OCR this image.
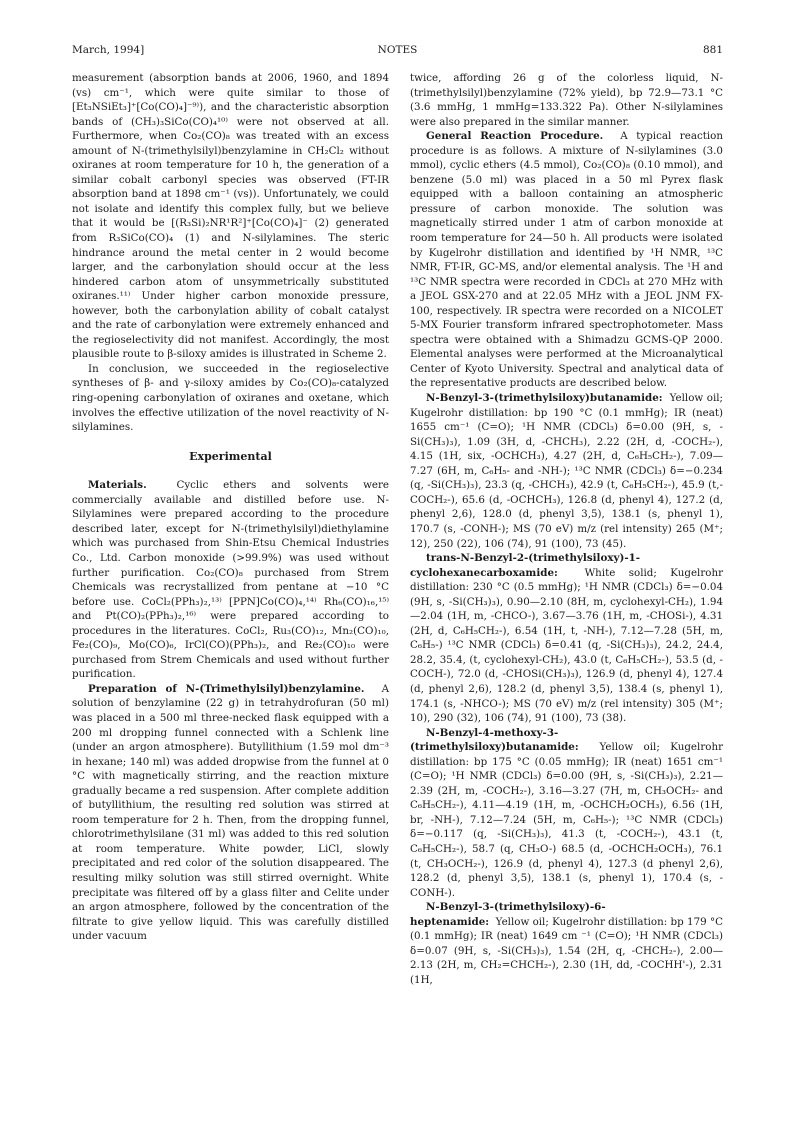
March, 1994]	NOTES	881

measurement (absorption bands at 2006, 1960, and 1894 (vs) cm⁻¹, which were quite similar to those of [Et₃NSiEt₃]⁺[Co(CO)₄]⁻⁹⁾), and the characteristic absorption bands of (CH₃)₃SiCo(CO)₄¹⁰⁾ were not observed at all. Furthermore, when Co₂(CO)₈ was treated with an excess amount of N-(trimethylsilyl)benzylamine in CH₂Cl₂ without oxiranes at room temperature for 10 h, the generation of a similar cobalt carbonyl species was observed (FT-IR absorption band at 1898 cm⁻¹ (vs)). Unfortunately, we could not isolate and identify this complex fully, but we believe that it would be [(R₃Si)₂NR¹R²]⁺[Co(CO)₄]⁻ (2) generated from R₃SiCo(CO)₄ (1) and N-silylamines. The steric hindrance around the metal center in 2 would become larger, and the carbonylation should occur at the less hindered carbon atom of unsymmetrically substituted oxiranes.¹¹⁾ Under higher carbon monoxide pressure, however, both the carbonylation ability of cobalt catalyst and the rate of carbonylation were extremely enhanced and the regioselectivity did not manifest. Accordingly, the most plausible route to β-siloxy amides is illustrated in Scheme 2.

In conclusion, we succeeded in the regioselective syntheses of β- and γ-siloxy amides by Co₂(CO)₈-catalyzed ring-opening carbonylation of oxiranes and oxetane, which involves the effective utilization of the novel reactivity of N-silylamines.

Experimental

Materials.	Cyclic ethers and solvents were commercially available and distilled before use. N-Silylamines were prepared according to the procedure described later, except for N-(trimethylsilyl)diethylamine which was purchased from Shin-Etsu Chemical Industries Co., Ltd. Carbon monoxide (>99.9%) was used without further purification. Co₂(CO)₈ purchased from Strem Chemicals was recrystallized from pentane at −10 °C before use. CoCl₂(PPh₃)₂,¹³⁾ [PPN]Co(CO)₄,¹⁴⁾ Rh₆(CO)₁₆,¹⁵⁾ and Pt(CO)₂(PPh₃)₂,¹⁶⁾ were prepared according to procedures in the literatures. CoCl₂, Ru₃(CO)₁₂, Mn₂(CO)₁₀, Fe₂(CO)₉, Mo(CO)₆, IrCl(CO)(PPh₃)₂, and Re₂(CO)₁₀ were purchased from Strem Chemicals and used without further purification.

Preparation of N-(Trimethylsilyl)benzylamine. A solution of benzylamine (22 g) in tetrahydrofuran (50 ml) was placed in a 500 ml three-necked flask equipped with a 200 ml dropping funnel connected with a Schlenk line (under an argon atmosphere). Butyllithium (1.59 mol dm⁻³ in hexane; 140 ml) was added dropwise from the funnel at 0 °C with magnetically stirring, and the reaction mixture gradually became a red suspension. After complete addition of butyllithium, the resulting red solution was stirred at room temperature for 2 h. Then, from the dropping funnel, chlorotrimethylsilane (31 ml) was added to this red solution at room temperature. White powder, LiCl, slowly precipitated and red color of the solution disappeared. The resulting milky solution was still stirred overnight. White precipitate was filtered off by a glass filter and Celite under an argon atmosphere, followed by the concentration of the filtrate to give yellow liquid. This was carefully distilled under vacuum

twice, affording 26 g of the colorless liquid, N-(trimethylsilyl)benzylamine (72% yield), bp 72.9—73.1 °C (3.6 mmHg, 1 mmHg=133.322 Pa). Other N-silylamines were also prepared in the similar manner.

General Reaction Procedure. A typical reaction procedure is as follows. A mixture of N-silylamines (3.0 mmol), cyclic ethers (4.5 mmol), Co₂(CO)₈ (0.10 mmol), and benzene (5.0 ml) was placed in a 50 ml Pyrex flask equipped with a balloon containing an atmospheric pressure of carbon monoxide. The solution was magnetically stirred under 1 atm of carbon monoxide at room temperature for 24—50 h. All products were isolated by Kugelrohr distillation and identified by ¹H NMR, ¹³C NMR, FT-IR, GC-MS, and/or elemental analysis. The ¹H and ¹³C NMR spectra were recorded in CDCl₃ at 270 MHz with a JEOL GSX-270 and at 22.05 MHz with a JEOL JNM FX-100, respectively. IR spectra were recorded on a NICOLET 5-MX Fourier transform infrared spectrophotometer. Mass spectra were obtained with a Shimadzu GCMS-QP 2000. Elemental analyses were performed at the Microanalytical Center of Kyoto University. Spectral and analytical data of the representative products are described below.

N-Benzyl-3-(trimethylsiloxy)butanamide: Yellow oil; Kugelrohr distillation: bp 190 °C (0.1 mmHg); IR (neat) 1655 cm⁻¹ (C=O); ¹H NMR (CDCl₃) δ=0.00 (9H, s, -Si(CH₃)₃), 1.09 (3H, d, -CHCH₃), 2.22 (2H, d, -COCH₂-), 4.15 (1H, six, -OCHCH₃), 4.27 (2H, d, C₆H₅CH₂-), 7.09—7.27 (6H, m, C₆H₅- and -NH-); ¹³C NMR (CDCl₃) δ=−0.234 (q, -Si(CH₃)₃), 23.3 (q, -CHCH₃), 42.9 (t, C₆H₅CH₂-), 45.9 (t,-COCH₂-), 65.6 (d, -OCHCH₃), 126.8 (d, phenyl 4), 127.2 (d, phenyl 2,6), 128.0 (d, phenyl 3,5), 138.1 (s, phenyl 1), 170.7 (s, -CONH-); MS (70 eV) m/z (rel intensity) 265 (M⁺; 12), 250 (22), 106 (74), 91 (100), 73 (45).

trans-N-Benzyl-2-(trimethylsiloxy)-1-cyclohexanecarboxamide:	White solid; Kugelrohr distillation: 230 °C (0.5 mmHg); ¹H NMR (CDCl₃) δ=−0.04 (9H, s, -Si(CH₃)₃), 0.90—2.10 (8H, m, cyclohexyl-CH₂), 1.94—2.04 (1H, m, -CHCO-), 3.67—3.76 (1H, m, -CHOSi-), 4.31 (2H, d, C₆H₅CH₂-), 6.54 (1H, t, -NH-), 7.12—7.28 (5H, m, C₆H₅-) ¹³C NMR (CDCl₃) δ=0.41 (q, -Si(CH₃)₃), 24.2, 24.4, 28.2, 35.4, (t, cyclohexyl-CH₂), 43.0 (t, C₆H₅CH₂-), 53.5 (d, -COCH-), 72.0 (d, -CHOSi(CH₃)₃), 126.9 (d, phenyl 4), 127.4 (d, phenyl 2,6), 128.2 (d, phenyl 3,5), 138.4 (s, phenyl 1), 174.1 (s, -NHCO-); MS (70 eV) m/z (rel intensity) 305 (M⁺; 10), 290 (32), 106 (74), 91 (100), 73 (38).

N-Benzyl-4-methoxy-3-(trimethylsiloxy)butanamide: Yellow oil; Kugelrohr distillation: bp 175 °C (0.05 mmHg); IR (neat) 1651 cm⁻¹ (C=O); ¹H NMR (CDCl₃) δ=0.00 (9H, s, -Si(CH₃)₃), 2.21—2.39 (2H, m, -COCH₂-), 3.16—3.27 (7H, m, CH₃OCH₂- and C₆H₅CH₂-), 4.11—4.19 (1H, m, -OCHCH₂OCH₃), 6.56 (1H, br, -NH-), 7.12—7.24 (5H, m, C₆H₅-); ¹³C NMR (CDCl₃) δ=−0.117 (q, -Si(CH₃)₃), 41.3 (t, -COCH₂-), 43.1 (t, C₆H₅CH₂-), 58.7 (q, CH₃O-) 68.5 (d, -OCHCH₂OCH₃), 76.1 (t, CH₃OCH₂-), 126.9 (d, phenyl 4), 127.3 (d phenyl 2,6), 128.2 (d, phenyl 3,5), 138.1 (s, phenyl 1), 170.4 (s, -CONH-).

N-Benzyl-3-(trimethylsiloxy)-6-heptenamide: Yellow oil; Kugelrohr distillation: bp 179 °C (0.1 mmHg); IR (neat) 1649 cm ⁻¹ (C=O); ¹H NMR (CDCl₃) δ=0.07 (9H, s, -Si(CH₃)₃), 1.54 (2H, q, -CHCH₂-), 2.00—2.13 (2H, m, CH₂=CHCH₂-), 2.30 (1H, dd, -COCHH'-), 2.31 (1H,
